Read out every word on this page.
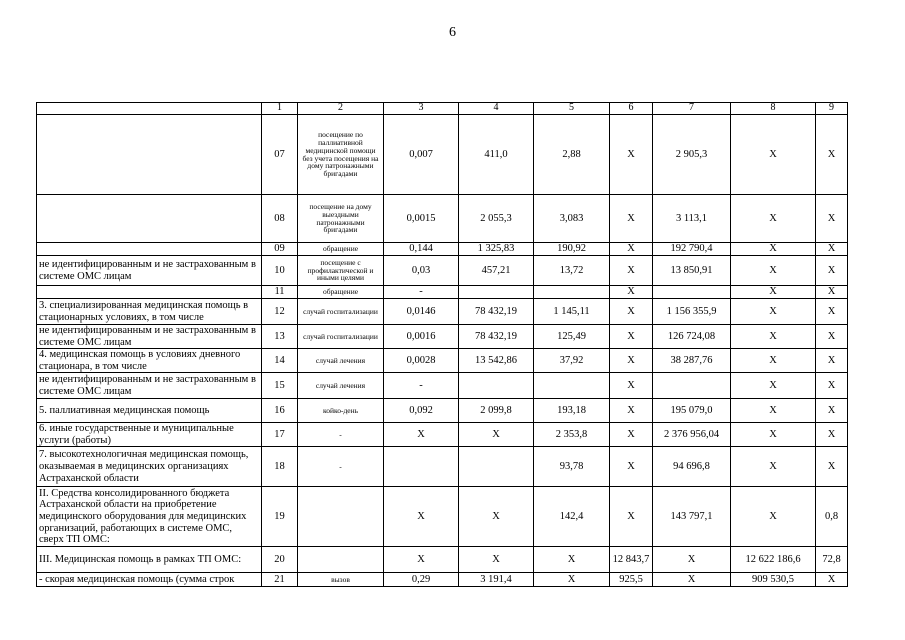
6
	1	2	3	4	5	6	7	8	9
	07	посещение по паллиативной медицинской помощи без учета посещения на дому патронажными бригадами	0,007	411,0	2,88	Х	2 905,3	Х	Х
	08	посещение на дому выездными патронажными бригадами	0,0015	2 055,3	3,083	Х	3 113,1	Х	Х
	09	обращение	0,144	1 325,83	190,92	Х	192 790,4	Х	Х
не идентифицированным и не застрахованным в системе ОМС лицам	10	посещение с профилактической и иными целями	0,03	457,21	13,72	Х	13 850,91	Х	Х
	11	обращение	-			Х		Х	Х
3. специализированная медицинская помощь в стационарных условиях, в том числе	12	случай госпитализации	0,0146	78 432,19	1 145,11	Х	1 156 355,9	Х	Х
не идентифицированным и не застрахованным в системе ОМС лицам	13	случай госпитализации	0,0016	78 432,19	125,49	Х	126 724,08	Х	Х
4. медицинская помощь в условиях дневного стационара, в том числе	14	случай лечения	0,0028	13 542,86	37,92	Х	38 287,76	Х	Х
не идентифицированным и не застрахованным в системе ОМС лицам	15	случай лечения	-			Х		Х	Х
5. паллиативная медицинская помощь	16	койко-день	0,092	2 099,8	193,18	Х	195 079,0	Х	Х
6. иные государственные и муниципальные услуги (работы)	17	-	Х	Х	2 353,8	Х	2 376 956,04	Х	Х
7. высокотехнологичная медицинская помощь, оказываемая в медицинских организациях Астраханской области	18	-			93,78	Х	94 696,8	Х	Х
II. Средства консолидированного бюджета Астраханской области на приобретение медицинского оборудования для медицинских организаций, работающих в системе ОМС, сверх ТП ОМС:	19		Х	Х	142,4	Х	143 797,1	Х	0,8
III. Медицинская помощь в рамках ТП ОМС:	20		Х	Х	Х	12 843,7	Х	12 622 186,6	72,8
- скорая медицинская помощь (сумма строк	21	вызов	0,29	3 191,4	Х	925,5	Х	909 530,5	Х
